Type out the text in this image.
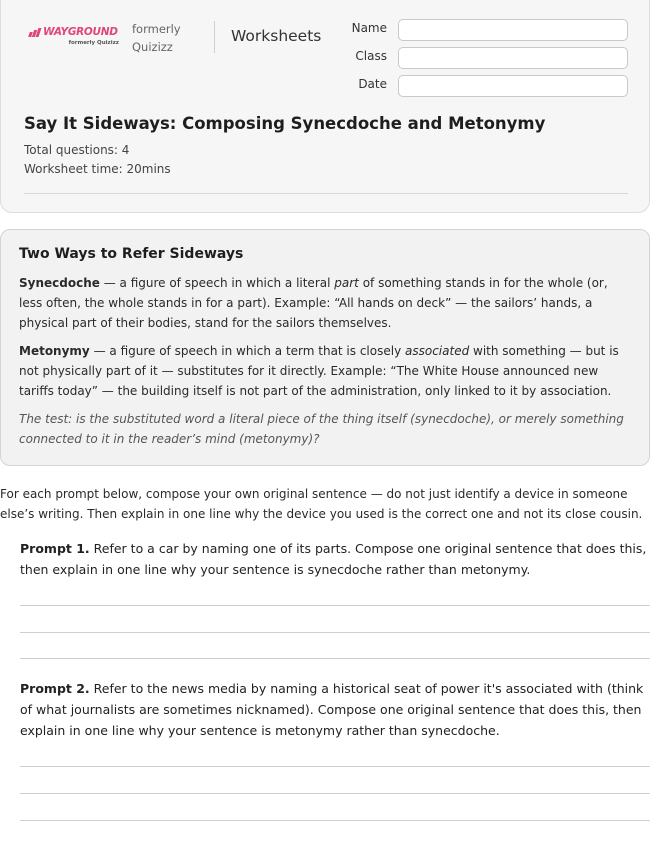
WAYGROUND
formerly Quizizz
formerly Quizizz
Worksheets	Name
Class
Date
Say It Sideways: Composing Synecdoche and Metonymy
Total questions: 4
Worksheet time: 20mins
Two Ways to Refer Sideways

Synecdoche — a figure of speech in which a literal part of something stands in for the whole (or, less often, the whole stands in for a part). Example: “All hands on deck” — the sailors’ hands, a physical part of their bodies, stand for the sailors themselves.

Metonymy — a figure of speech in which a term that is closely associated with something — but is not physically part of it — substitutes for it directly. Example: “The White House announced new tariffs today” — the building itself is not part of the administration, only linked to it by association.

The test: is the substituted word a literal piece of the thing itself (synecdoche), or merely something connected to it in the reader’s mind (metonymy)?

For each prompt below, compose your own original sentence — do not just identify a device in someone else’s writing. Then explain in one line why the device you used is the correct one and not its close cousin.
Prompt 1. Refer to a car by naming one of its parts. Compose one original sentence that does this, then explain in one line why your sentence is synecdoche rather than metonymy.
Prompt 2. Refer to the news media by naming a historical seat of power it's associated with (think of what journalists are sometimes nicknamed). Compose one original sentence that does this, then explain in one line why your sentence is metonymy rather than synecdoche.
